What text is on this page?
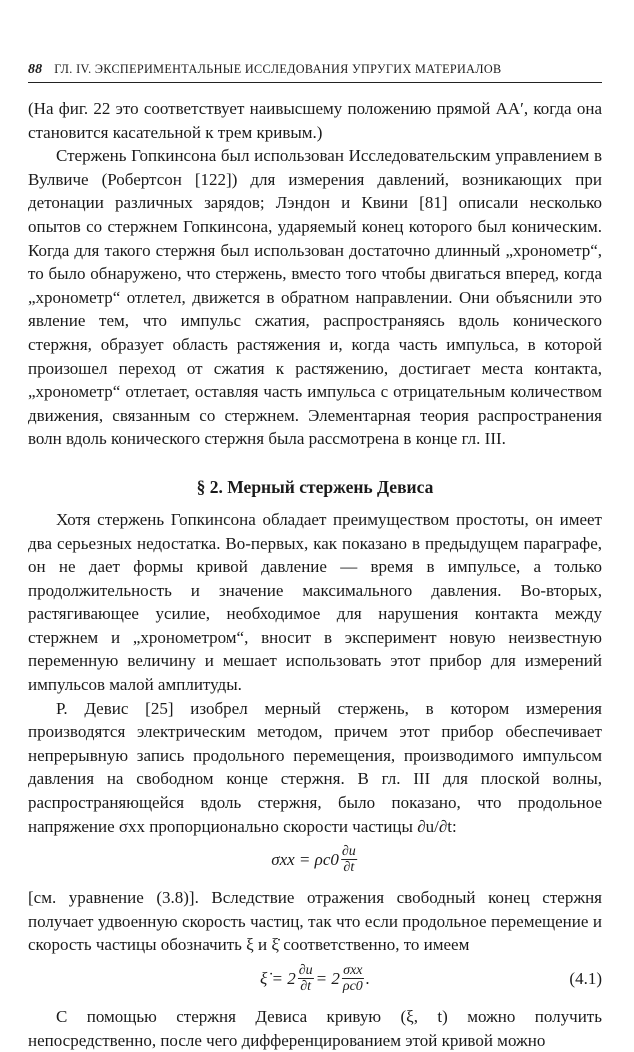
88 ГЛ. IV. ЭКСПЕРИМЕНТАЛЬНЫЕ ИССЛЕДОВАНИЯ УПРУГИХ МАТЕРИАЛОВ

(На фиг. 22 это соответствует наивысшему положению прямой AA′, когда она становится касательной к трем кривым.)

Стержень Гопкинсона был использован Исследовательским управлением в Вулвиче (Робертсон [122]) для измерения давлений, возникающих при детонации различных зарядов; Лэндон и Квини [81] описали несколько опытов со стержнем Гопкинсона, ударяемый конец которого был коническим. Когда для такого стержня был использован достаточно длинный „хронометр“, то было обнаружено, что стержень, вместо того чтобы двигаться вперед, когда „хронометр“ отлетел, движется в обратном направлении. Они объяснили это явление тем, что импульс сжатия, распространяясь вдоль конического стержня, образует область растяжения и, когда часть импульса, в которой произошел переход от сжатия к растяжению, достигает места контакта, „хронометр“ отлетает, оставляя часть импульса с отрицательным количеством движения, связанным со стержнем. Элементарная теория распространения волн вдоль конического стержня была рассмотрена в конце гл. III.

§ 2. Мерный стержень Девиса

Хотя стержень Гопкинсона обладает преимуществом простоты, он имеет два серьезных недостатка. Во-первых, как показано в предыдущем параграфе, он не дает формы кривой давление — время в импульсе, а только продолжительность и значение максимального давления. Во-вторых, растягивающее усилие, необходимое для нарушения контакта между стержнем и „хронометром“, вносит в эксперимент новую неизвестную переменную величину и мешает использовать этот прибор для измерений импульсов малой амплитуды.

Р. Девис [25] изобрел мерный стержень, в котором измерения производятся электрическим методом, причем этот прибор обеспечивает непрерывную запись продольного перемещения, производимого импульсом давления на свободном конце стержня. В гл. III для плоской волны, распространяющейся вдоль стержня, было показано, что продольное напряжение σxx пропорционально скорости частицы ∂u/∂t:

$\sigma xx = \rho c0 \frac{\partial u}{\partial t}$

[см. уравнение (3.8)]. Вследствие отражения свободный конец стержня получает удвоенную скорость частиц, так что если продольное перемещение и скорость частицы обозначить ξ и ξ̇ соответственно, то имеем

ξ̇ = $2 \frac{\partial u}{\partial t} = 2 \frac{\text{σxx}}{\rho c0}$ .	(4.1)

С помощью стержня Девиса кривую (ξ, t) можно получить непосредственно, после чего дифференцированием этой кривой можно
